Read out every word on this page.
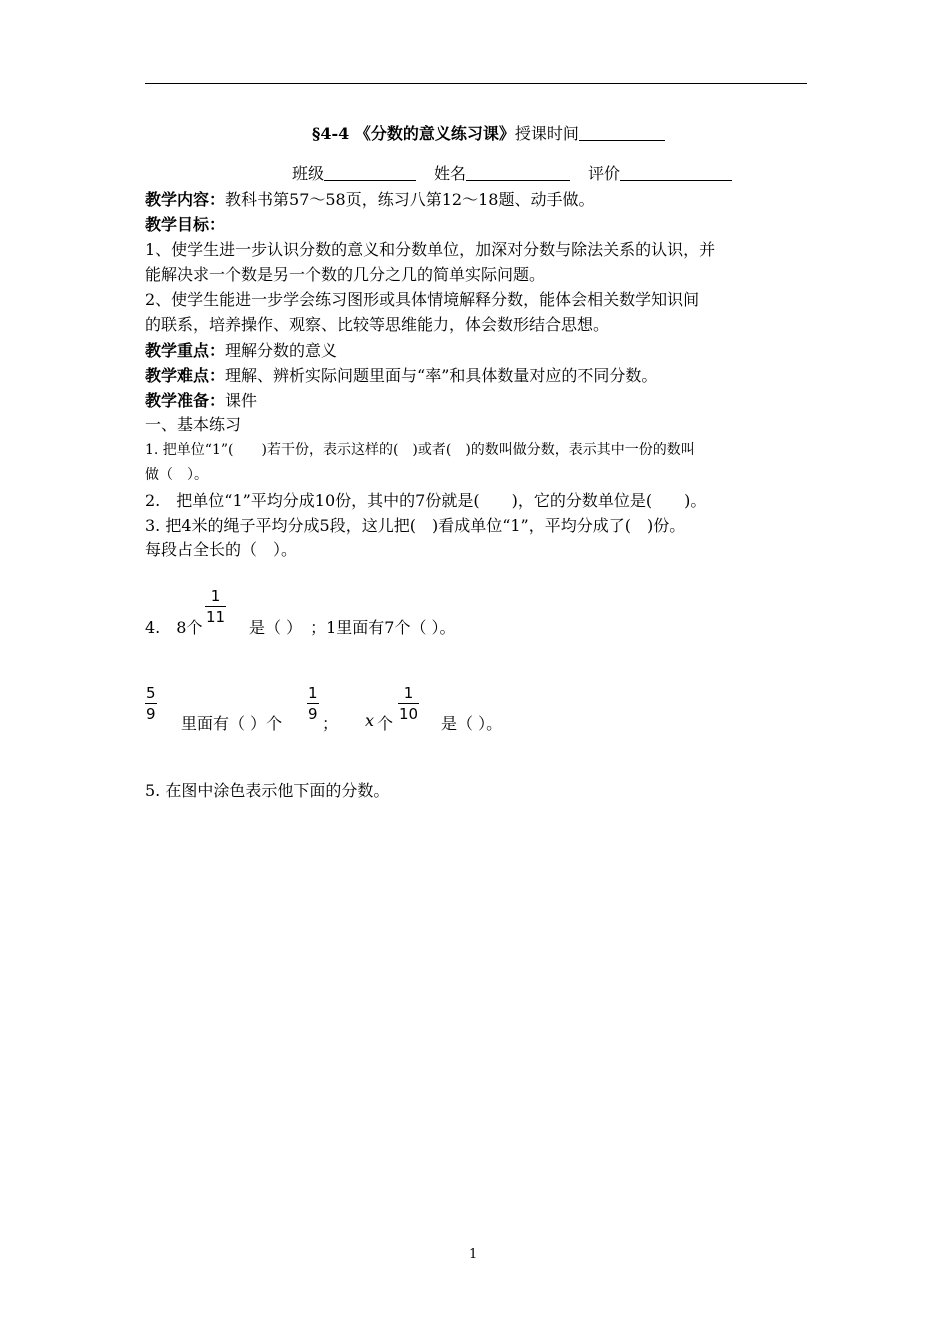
§4-4 《分数的意义练习课》授课时间
班级	姓名	评价
教学内容：教科书第57～58页，练习八第12～18题、动手做。
教学目标：
1、使学生进一步认识分数的意义和分数单位，加深对分数与除法关系的认识，并
能解决求一个数是另一个数的几分之几的简单实际问题。
2、使学生能进一步学会练习图形或具体情境解释分数，能体会相关数学知识间
的联系，培养操作、观察、比较等思维能力，体会数形结合思想。
教学重点：理解分数的意义
教学难点：理解、辨析实际问题里面与“率”和具体数量对应的不同分数。
教学准备：课件
一、基本练习
1. 把单位“1”(　　)若干份，表示这样的(　)或者(　)的数叫做分数，表示其中一份的数叫
做（　）。
2.　把单位“1”平均分成10份，其中的7份就是(　　)，它的分数单位是(　　)。
3. 把4米的绳子平均分成5段，这儿把(　)看成单位“1”，平均分成了(　)份。
每段占全长的（　）。
4.　8个
1
11
是（ ）　；1里面有7个（ ）。
5
9 里面有（ ）个
1
9 ； x 个
1
10 是（ ）。
5. 在图中涂色表示他下面的分数。
1
